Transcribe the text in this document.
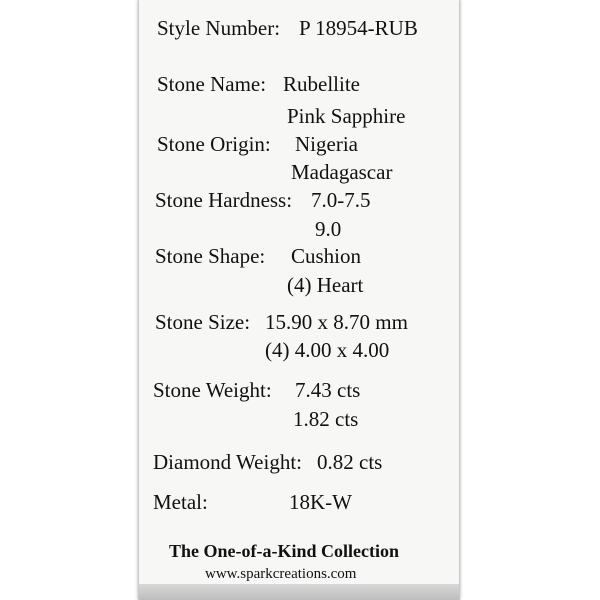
Style Number: P 18954-RUB
Stone Name: Rubellite
Pink Sapphire
Stone Origin: Nigeria
Madagascar
Stone Hardness: 7.0-7.5
9.0
Stone Shape: Cushion
(4) Heart
Stone Size: 15.90 x 8.70 mm
(4) 4.00 x 4.00
Stone Weight: 7.43 cts
1.82 cts
Diamond Weight: 0.82 cts
Metal:	18K-W
The One-of-a-Kind Collection
www.sparkcreations.com
